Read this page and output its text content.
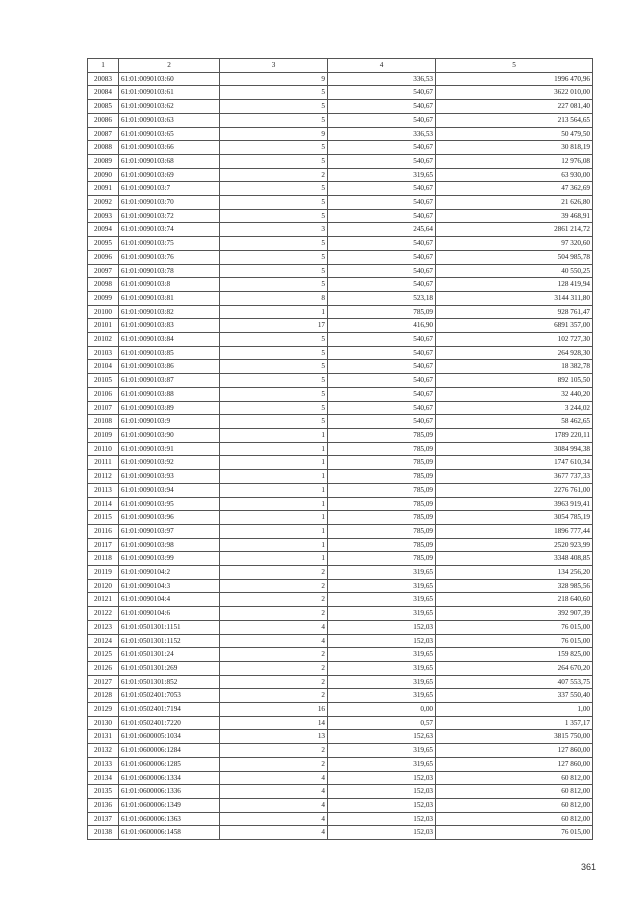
1	2	3	4	5
20083	61:01:0090103:60	9	336,53	1996 470,96
20084	61:01:0090103:61	5	540,67	3622 010,00
20085	61:01:0090103:62	5	540,67	227 081,40
20086	61:01:0090103:63	5	540,67	213 564,65
20087	61:01:0090103:65	9	336,53	50 479,50
20088	61:01:0090103:66	5	540,67	30 818,19
20089	61:01:0090103:68	5	540,67	12 976,08
20090	61:01:0090103:69	2	319,65	63 930,00
20091	61:01:0090103:7	5	540,67	47 362,69
20092	61:01:0090103:70	5	540,67	21 626,80
20093	61:01:0090103:72	5	540,67	39 468,91
20094	61:01:0090103:74	3	245,64	2861 214,72
20095	61:01:0090103:75	5	540,67	97 320,60
20096	61:01:0090103:76	5	540,67	504 985,78
20097	61:01:0090103:78	5	540,67	40 550,25
20098	61:01:0090103:8	5	540,67	128 419,94
20099	61:01:0090103:81	8	523,18	3144 311,80
20100	61:01:0090103:82	1	785,09	928 761,47
20101	61:01:0090103:83	17	416,90	6891 357,00
20102	61:01:0090103:84	5	540,67	102 727,30
20103	61:01:0090103:85	5	540,67	264 928,30
20104	61:01:0090103:86	5	540,67	18 382,78
20105	61:01:0090103:87	5	540,67	892 105,50
20106	61:01:0090103:88	5	540,67	32 440,20
20107	61:01:0090103:89	5	540,67	3 244,02
20108	61:01:0090103:9	5	540,67	58 462,65
20109	61:01:0090103:90	1	785,09	1789 220,11
20110	61:01:0090103:91	1	785,09	3084 994,38
20111	61:01:0090103:92	1	785,09	1747 610,34
20112	61:01:0090103:93	1	785,09	3677 737,33
20113	61:01:0090103:94	1	785,09	2276 761,00
20114	61:01:0090103:95	1	785,09	3963 919,41
20115	61:01:0090103:96	1	785,09	3054 785,19
20116	61:01:0090103:97	1	785,09	1896 777,44
20117	61:01:0090103:98	1	785,09	2520 923,99
20118	61:01:0090103:99	1	785,09	3348 408,85
20119	61:01:0090104:2	2	319,65	134 256,20
20120	61:01:0090104:3	2	319,65	328 985,56
20121	61:01:0090104:4	2	319,65	218 640,60
20122	61:01:0090104:6	2	319,65	392 907,39
20123	61:01:0501301:1151	4	152,03	76 015,00
20124	61:01:0501301:1152	4	152,03	76 015,00
20125	61:01:0501301:24	2	319,65	159 825,00
20126	61:01:0501301:269	2	319,65	264 670,20
20127	61:01:0501301:852	2	319,65	407 553,75
20128	61:01:0502401:7053	2	319,65	337 550,40
20129	61:01:0502401:7194	16	0,00	1,00
20130	61:01:0502401:7220	14	0,57	1 357,17
20131	61:01:0600005:1034	13	152,63	3815 750,00
20132	61:01:0600006:1284	2	319,65	127 860,00
20133	61:01:0600006:1285	2	319,65	127 860,00
20134	61:01:0600006:1334	4	152,03	60 812,00
20135	61:01:0600006:1336	4	152,03	60 812,00
20136	61:01:0600006:1349	4	152,03	60 812,00
20137	61:01:0600006:1363	4	152,03	60 812,00
20138	61:01:0600006:1458	4	152,03	76 015,00
361
